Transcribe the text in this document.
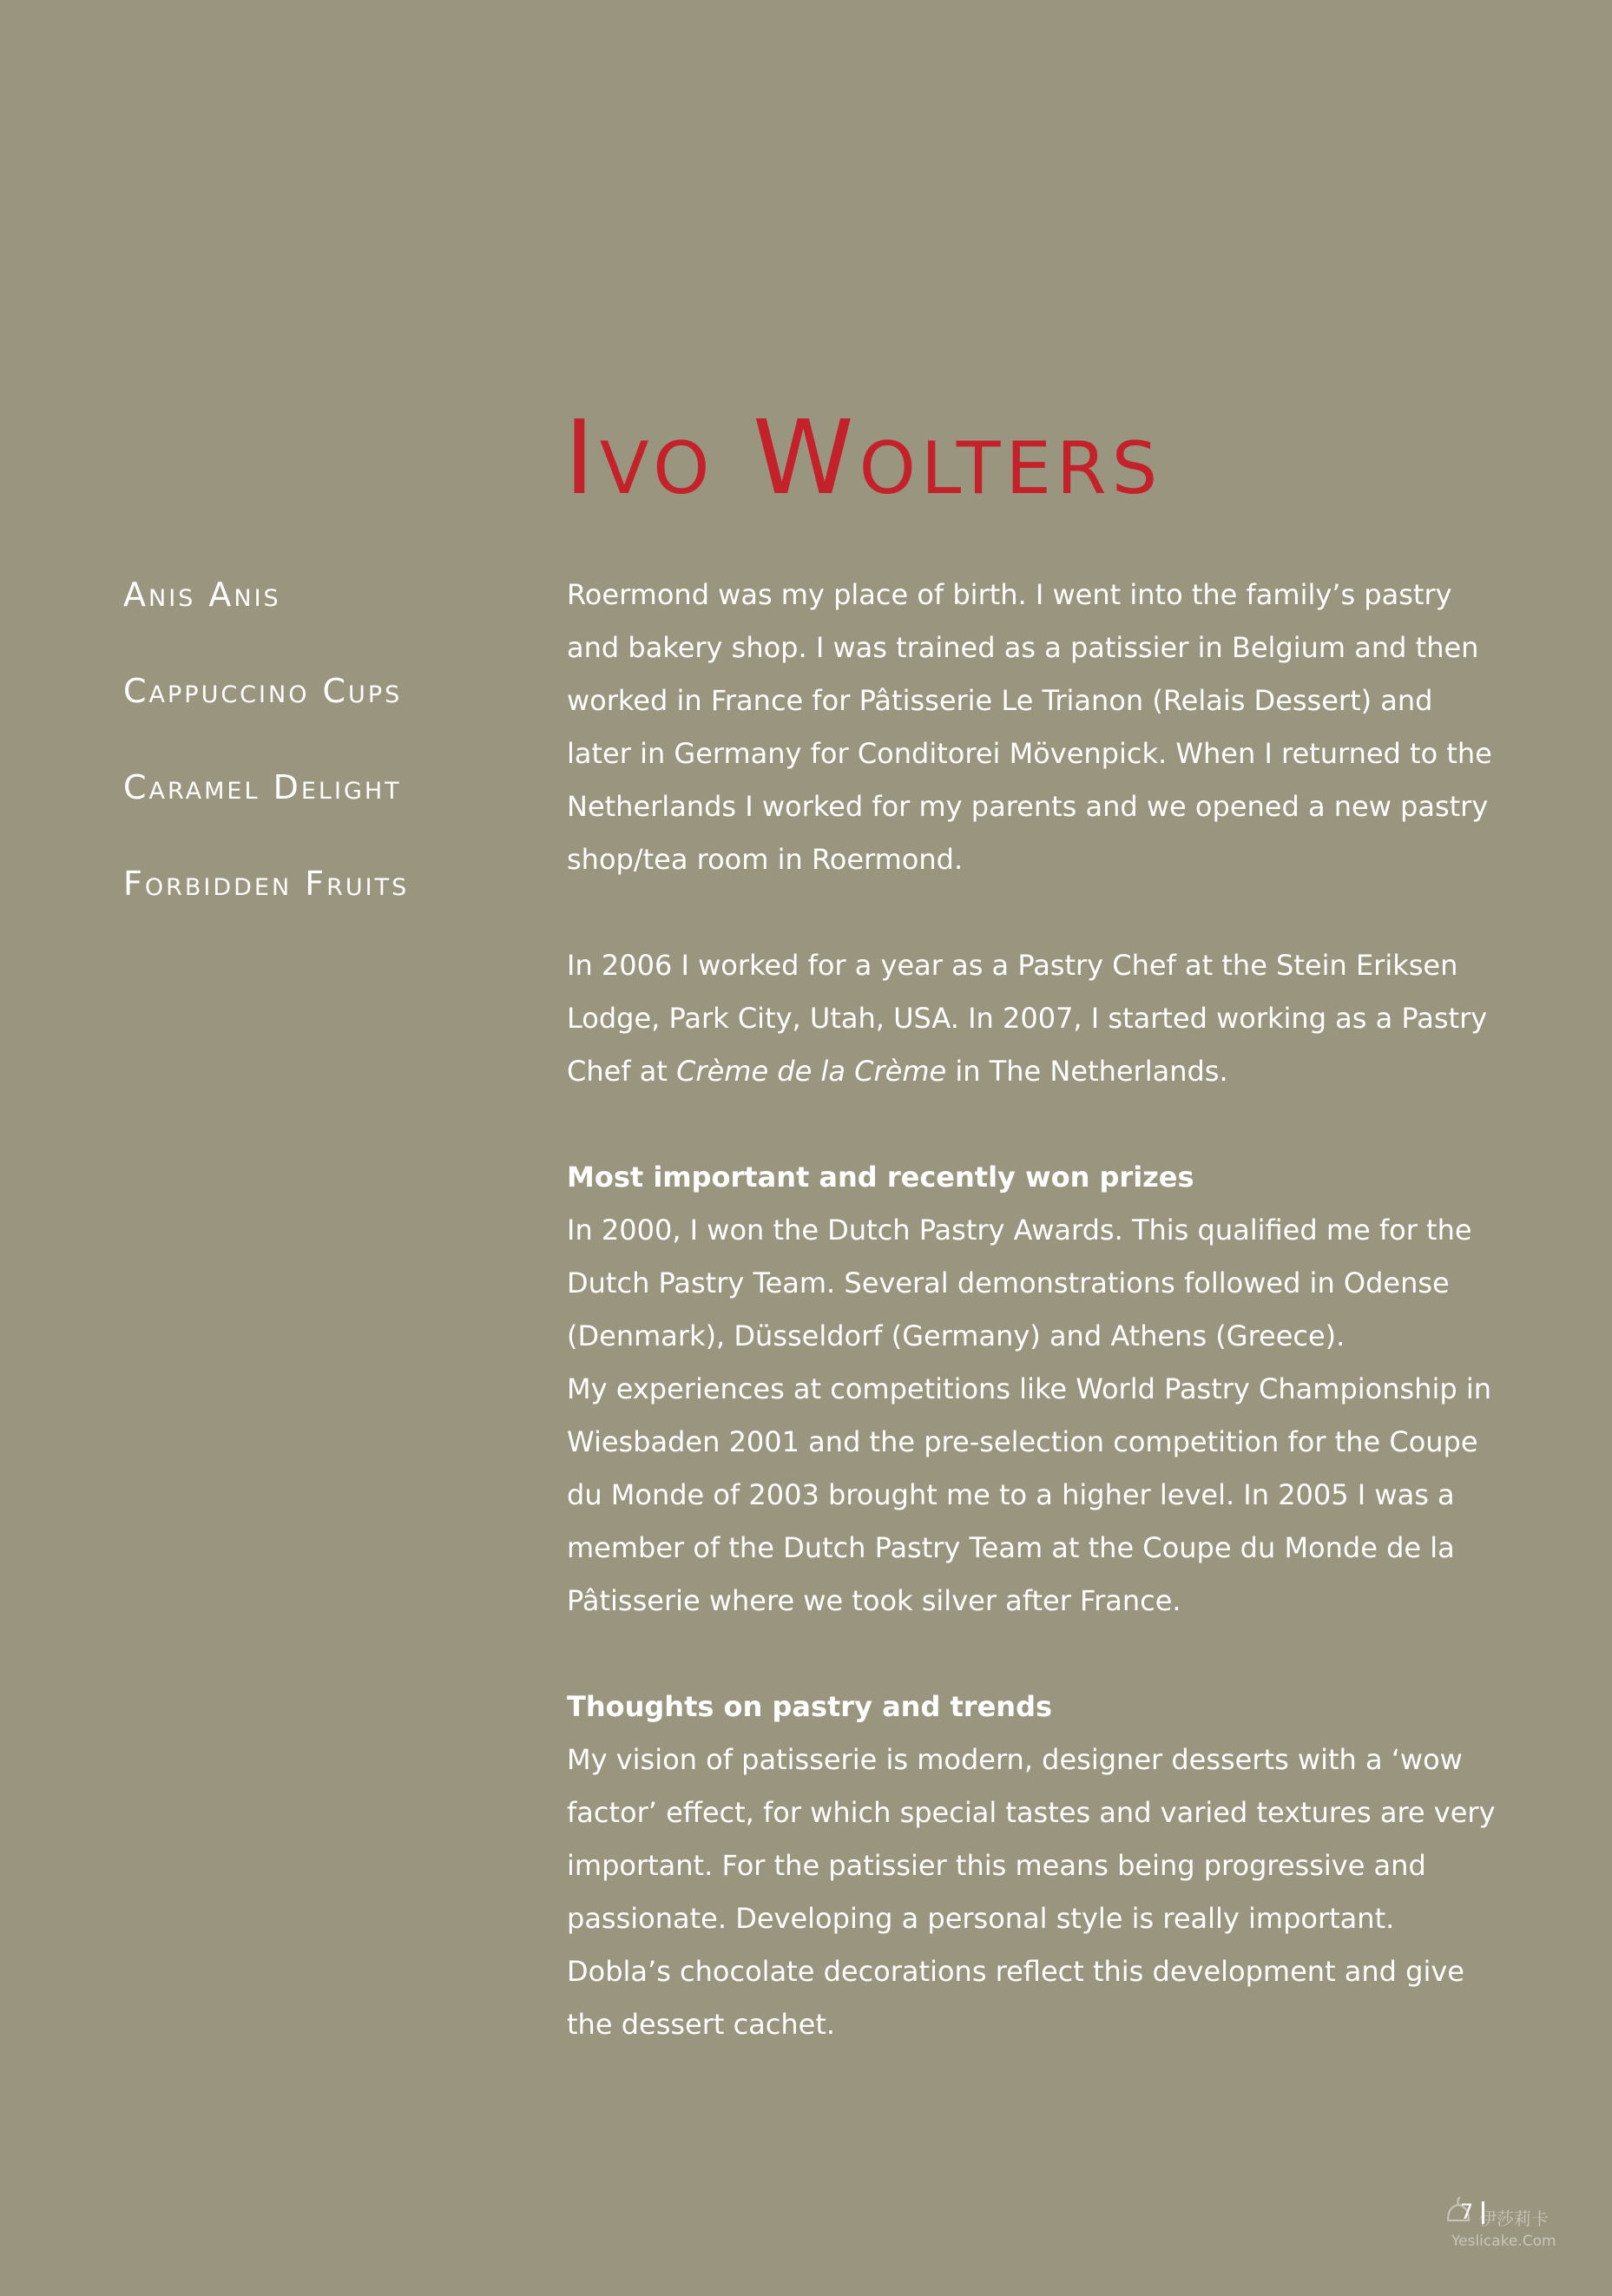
Ivo Wolters
Anis Anis
Cappuccino Cups
Caramel Delight
Forbidden Fruits

Roermond was my place of birth. I went into the family’s pastry and bakery shop. I was trained as a patissier in Belgium and then worked in France for Pâtisserie Le Trianon (Relais Dessert) and later in Germany for Conditorei Mövenpick. When I returned to the Netherlands I worked for my parents and we opened a new pastry shop/tea room in Roermond.

In 2006 I worked for a year as a Pastry Chef at the Stein Eriksen Lodge, Park City, Utah, USA. In 2007, I started working as a Pastry Chef at Crème de la Crème in The Netherlands.

Most important and recently won prizes
In 2000, I won the Dutch Pastry Awards. This qualified me for the Dutch Pastry Team. Several demonstrations followed in Odense (Denmark), Düsseldorf (Germany) and Athens (Greece).
My experiences at competitions like World Pastry Championship in Wiesbaden 2001 and the pre-selection competition for the Coupe du Monde of 2003 brought me to a higher level. In 2005 I was a member of the Dutch Pastry Team at the Coupe du Monde de la Pâtisserie where we took silver after France.

Thoughts on pastry and trends
My vision of patisserie is modern, designer desserts with a ‘wow factor’ effect, for which special tastes and varied textures are very important. For the patissier this means being progressive and passionate. Developing a personal style is really important. Dobla’s chocolate decorations reflect this development and give the dessert cachet.

7 伊莎莉卡
Yeslicake.Com
